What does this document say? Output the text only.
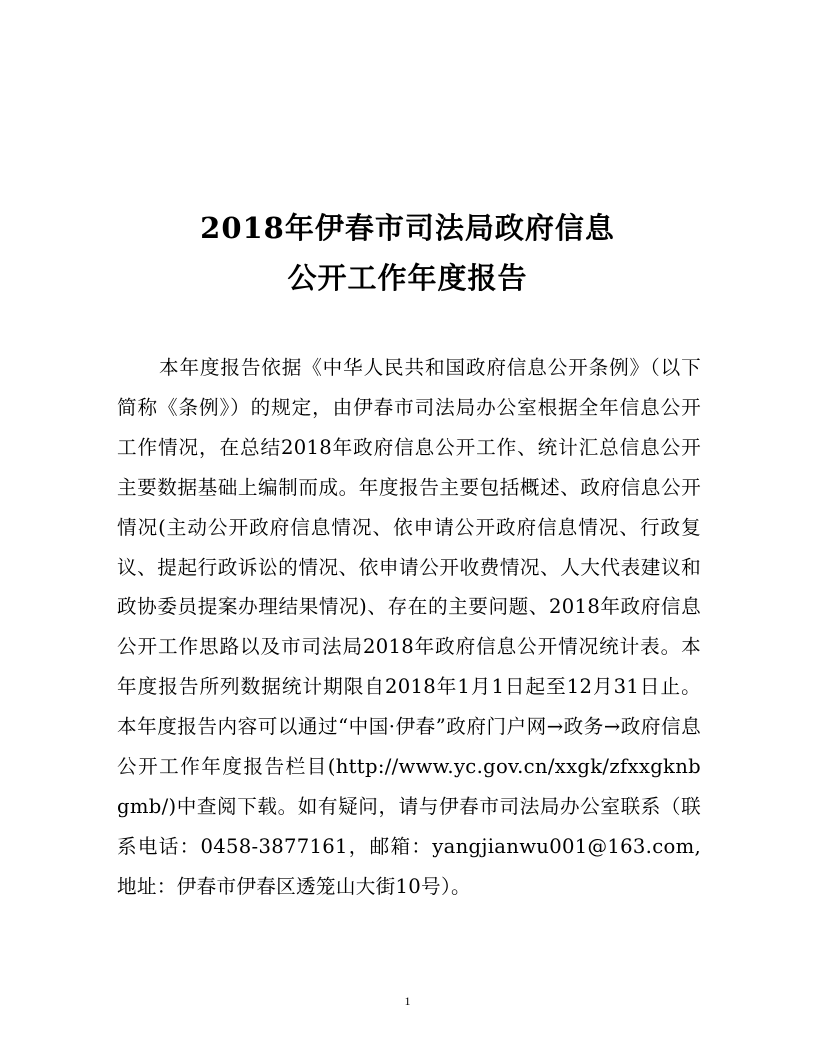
2018年伊春市司法局政府信息
公开工作年度报告
本年度报告依据《中华人民共和国政府信息公开条例》（以下简称《条例》）的规定，由伊春市司法局办公室根据全年信息公开工作情况，在总结2018年政府信息公开工作、统计汇总信息公开主要数据基础上编制而成。年度报告主要包括概述、政府信息公开情况(主动公开政府信息情况、依申请公开政府信息情况、行政复议、提起行政诉讼的情况、依申请公开收费情况、人大代表建议和政协委员提案办理结果情况)、存在的主要问题、2018年政府信息公开工作思路以及市司法局2018年政府信息公开情况统计表。本年度报告所列数据统计期限自2018年1月1日起至12月31日止。本年度报告内容可以通过“中国·伊春”政府门户网→政务→政府信息公开工作年度报告栏目(http://www.yc.gov.cn/xxgk/zfxxgknbgmb/)中查阅下载。如有疑问，请与伊春市司法局办公室联系（联系电话：0458-3877161，邮箱：yangjianwu001@163.com,地址：伊春市伊春区透笼山大街10号）。
1
